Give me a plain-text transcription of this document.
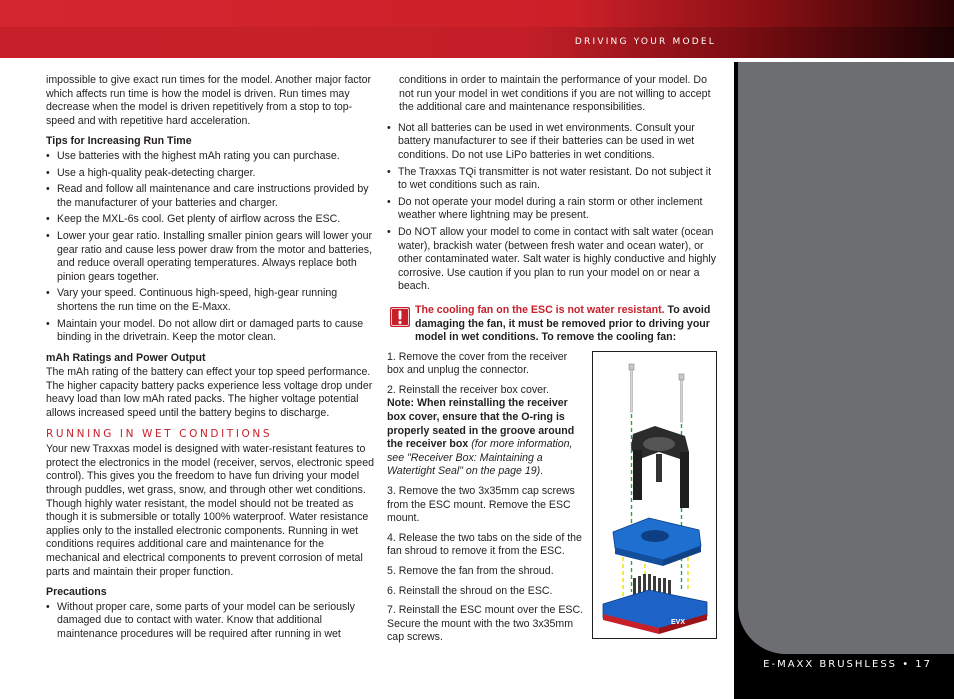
DRIVING YOUR MODEL
E-MAXX BRUSHLESS • 17

impossible to give exact run times for the model. Another major factor which affects run time is how the model is driven. Run times may decrease when the model is driven repetitively from a stop to top-speed and with repetitive hard acceleration.

Tips for Increasing Run Time
• Use batteries with the highest mAh rating you can purchase.
• Use a high-quality peak-detecting charger.
• Read and follow all maintenance and care instructions provided by the manufacturer of your batteries and charger.
• Keep the MXL-6s cool. Get plenty of airflow across the ESC.
• Lower your gear ratio. Installing smaller pinion gears will lower your gear ratio and cause less power draw from the motor and batteries, and reduce overall operating temperatures. Always replace both pinion gears together.
• Vary your speed. Continuous high-speed, high-gear running shortens the run time on the E-Maxx.
• Maintain your model. Do not allow dirt or damaged parts to cause binding in the drivetrain. Keep the motor clean.
mAh Ratings and Power Output

The mAh rating of the battery can effect your top speed performance. The higher capacity battery packs experience less voltage drop under heavy load than low mAh rated packs. The higher voltage potential allows increased speed until the battery begins to discharge.

RUNNING IN WET CONDITIONS

Your new Traxxas model is designed with water-resistant features to protect the electronics in the model (receiver, servos, electronic speed control). This gives you the freedom to have fun driving your model through puddles, wet grass, snow, and through other wet conditions. Though highly water resistant, the model should not be treated as though it is submersible or totally 100% waterproof. Water resistance applies only to the installed electronic components. Running in wet conditions requires additional care and maintenance for the mechanical and electrical components to prevent corrosion of metal parts and maintain their proper function.

Precautions
• Without proper care, some parts of your model can be seriously damaged due to contact with water. Know that additional maintenance procedures will be required after running in wet

conditions in order to maintain the performance of your model. Do not run your model in wet conditions if you are not willing to accept the additional care and maintenance responsibilities.

• Not all batteries can be used in wet environments. Consult your battery manufacturer to see if their batteries can be used in wet conditions. Do not use LiPo batteries in wet conditions.
• The Traxxas TQi transmitter is not water resistant. Do not subject it to wet conditions such as rain.
• Do not operate your model during a rain storm or other inclement weather where lightning may be present.
• Do NOT allow your model to come in contact with salt water (ocean water), brackish water (between fresh water and ocean water), or other contaminated water. Salt water is highly conductive and highly corrosive. Use caution if you plan to run your model on or near a beach.
The cooling fan on the ESC is not water resistant. To avoid damaging the fan, it must be removed prior to driving your model in wet conditions. To remove the cooling fan:
1. Remove the cover from the receiver box and unplug the connector.
2. Reinstall the receiver box cover.
Note: When reinstalling the receiver box cover, ensure that the O-ring is properly seated in the groove around the receiver box (for more information, see "Receiver Box: Maintaining a Watertight Seal" on the page 19).
3. Remove the two 3x35mm cap screws from the ESC mount. Remove the ESC mount.
4. Release the two tabs on the side of the fan shroud to remove it from the ESC.
5. Remove the fan from the shroud.
6. Reinstall the shroud on the ESC.
7. Reinstall the ESC mount over the ESC. Secure the mount with the two 3x35mm cap screws.
EVX
